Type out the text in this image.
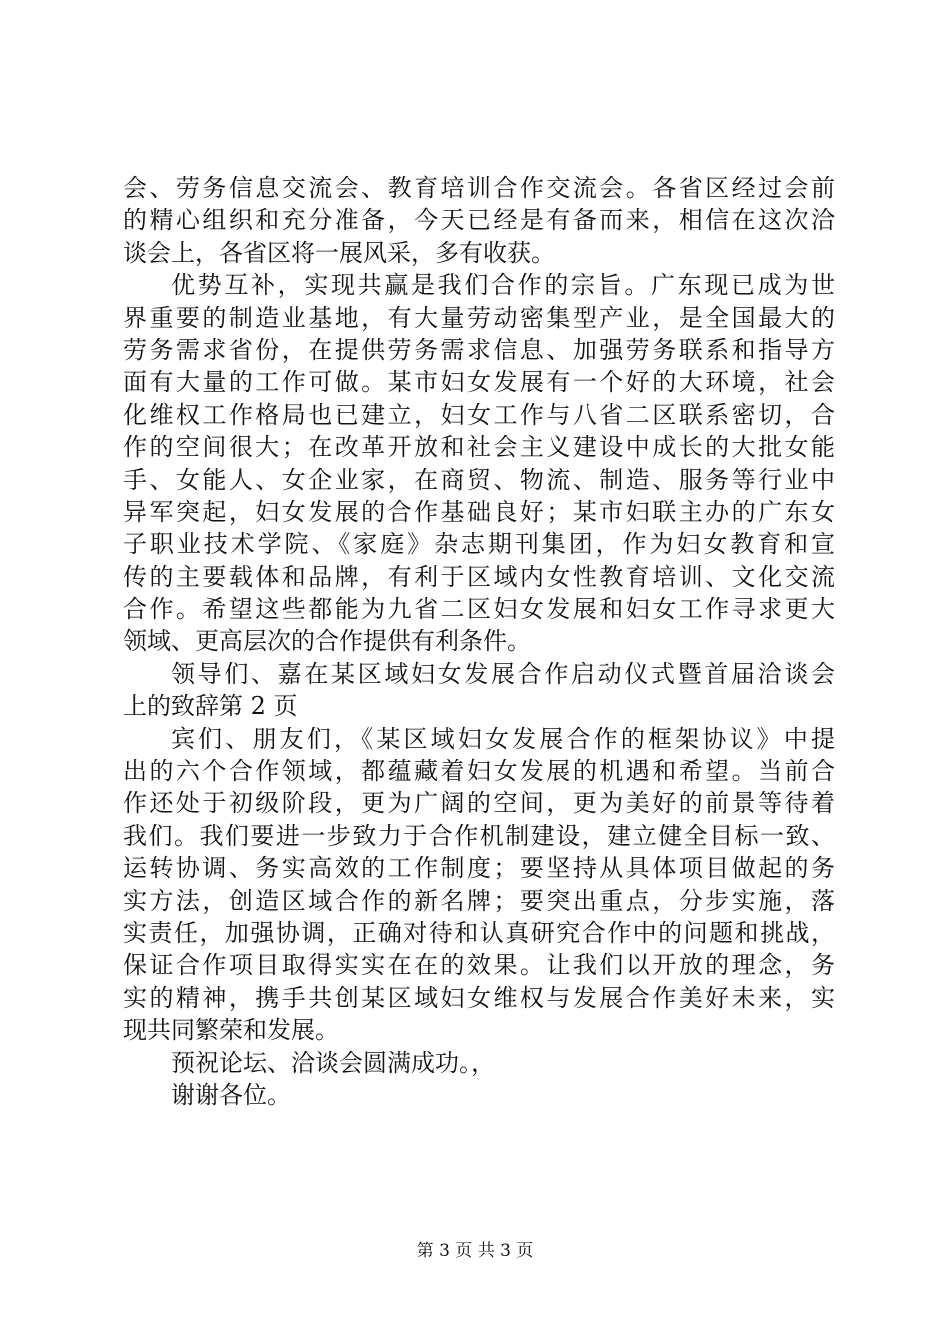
会、劳务信息交流会、教育培训合作交流会。各省区经过会前
的精心组织和充分准备，今天已经是有备而来，相信在这次洽
谈会上，各省区将一展风采，多有收获。
优势互补，实现共赢是我们合作的宗旨。广东现已成为世
界重要的制造业基地，有大量劳动密集型产业，是全国最大的
劳务需求省份，在提供劳务需求信息、加强劳务联系和指导方
面有大量的工作可做。某市妇女发展有一个好的大环境，社会
化维权工作格局也已建立，妇女工作与八省二区联系密切，合
作的空间很大；在改革开放和社会主义建设中成长的大批女能
手、女能人、女企业家，在商贸、物流、制造、服务等行业中
异军突起，妇女发展的合作基础良好；某市妇联主办的广东女
子职业技术学院、《家庭》杂志期刊集团，作为妇女教育和宣
传的主要载体和品牌，有利于区域内女性教育培训、文化交流
合作。希望这些都能为九省二区妇女发展和妇女工作寻求更大
领域、更高层次的合作提供有利条件。
领导们、嘉在某区域妇女发展合作启动仪式暨首届洽谈会
上的致辞第 2 页
宾们、朋友们，《某区域妇女发展合作的框架协议》中提
出的六个合作领域，都蕴藏着妇女发展的机遇和希望。当前合
作还处于初级阶段，更为广阔的空间，更为美好的前景等待着
我们。我们要进一步致力于合作机制建设，建立健全目标一致、
运转协调、务实高效的工作制度；要坚持从具体项目做起的务
实方法，创造区域合作的新名牌；要突出重点，分步实施，落
实责任，加强协调，正确对待和认真研究合作中的问题和挑战，
保证合作项目取得实实在在的效果。让我们以开放的理念，务
实的精神，携手共创某区域妇女维权与发展合作美好未来，实
现共同繁荣和发展。
预祝论坛、洽谈会圆满成功。，
谢谢各位。
第 3 页 共 3 页
